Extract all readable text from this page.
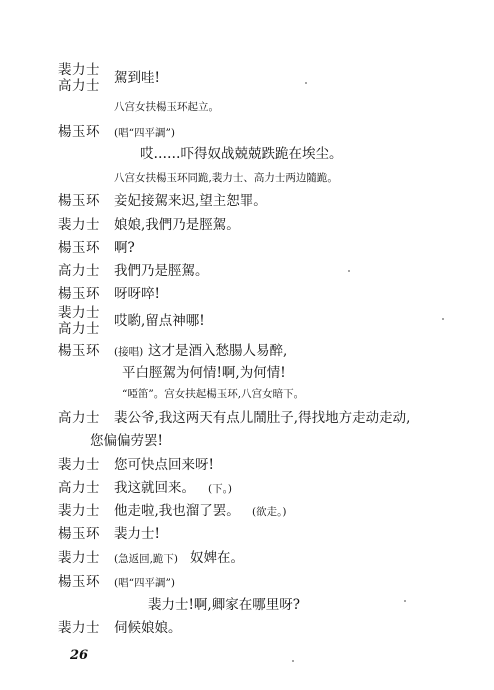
裴力士
高力士 駕到哇!
八宫女扶楊玉环起立。
楊玉环 (唱“四平調”)
哎……吓得奴战兢兢跌跪在埃尘。
八宫女扶楊玉环同跪,裴力士、高力士两边隨跪。
楊玉环 妾妃接駕来迟,望主恕罪。
裴力士 娘娘,我們乃是脛駕。
楊玉环 啊?
高力士 我們乃是脛駕。
楊玉环 呀呀啐!
裴力士
高力士 哎喲,留点神哪!
楊玉环 (接唱) 这才是酒入愁腸人易醉,
平白脛駕为何情!啊,为何情!
“啞笛”。宫女扶起楊玉环,八宫女暗下。
高力士 裴公爷,我这两天有点儿鬧肚子,得找地方走动走动,
您偏偏劳罢!
裴力士 您可快点回来呀!
高力士 我这就回来。 (下。)
裴力士 他走啦,我也溜了罢。 (欲走。)
楊玉环 裴力士!
裴力士 (急返回,跪下) 奴婢在。
楊玉环 (唱“四平調”)
裴力士!啊,卿家在哪里呀?
裴力士 伺候娘娘。
26
